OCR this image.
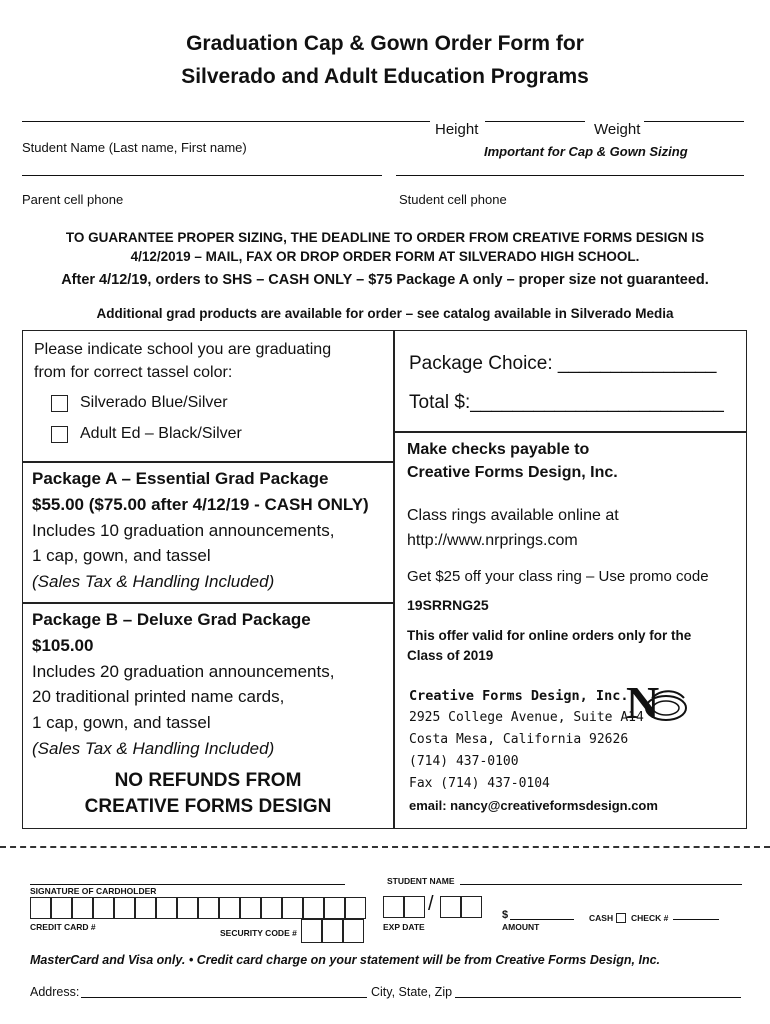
Graduation Cap & Gown Order Form for
Silverado and Adult Education Programs
Height	Weight
Student Name (Last name, First name)	Important for Cap & Gown Sizing
Parent cell phone	Student cell phone
TO GUARANTEE PROPER SIZING, THE DEADLINE TO ORDER FROM CREATIVE FORMS DESIGN IS
4/12/2019 – MAIL, FAX OR DROP ORDER FORM AT SILVERADO HIGH SCHOOL.
After 4/12/19, orders to SHS – CASH ONLY – $75 Package A only – proper size not guaranteed.
Additional grad products are available for order – see catalog available in Silverado Media
Please indicate school you are graduating
from for correct tassel color:
Silverado Blue/Silver
Adult Ed – Black/Silver
Package A – Essential Grad Package
$55.00 ($75.00 after 4/12/19 - CASH ONLY)
Includes 10 graduation announcements,
1 cap, gown, and tassel
(Sales Tax & Handling Included)
Package B – Deluxe Grad Package
$105.00
Includes 20 graduation announcements,
20 traditional printed name cards,
1 cap, gown, and tassel
(Sales Tax & Handling Included)
NO REFUNDS FROM
CREATIVE FORMS DESIGN
Package Choice: _______________
Total $:________________________
Make checks payable to
Creative Forms Design, Inc.
Class rings available online at
http://www.nrprings.com
Get $25 off your class ring – Use promo code
19SRRNG25
This offer valid for online orders only for the
Class of 2019
Creative Forms Design, Inc.
2925 College Avenue, Suite A14
Costa Mesa, California 92626
(714) 437-0100
Fax (714) 437-0104
email: nancy@creativeformsdesign.com
N
SIGNATURE OF CARDHOLDER
CREDIT CARD #
SECURITY CODE #
STUDENT NAME
/
EXP DATE
$
AMOUNT
CASH CHECK #
MasterCard and Visa only. • Credit card charge on your statement will be from Creative Forms Design, Inc.
Address:	City, State, Zip
